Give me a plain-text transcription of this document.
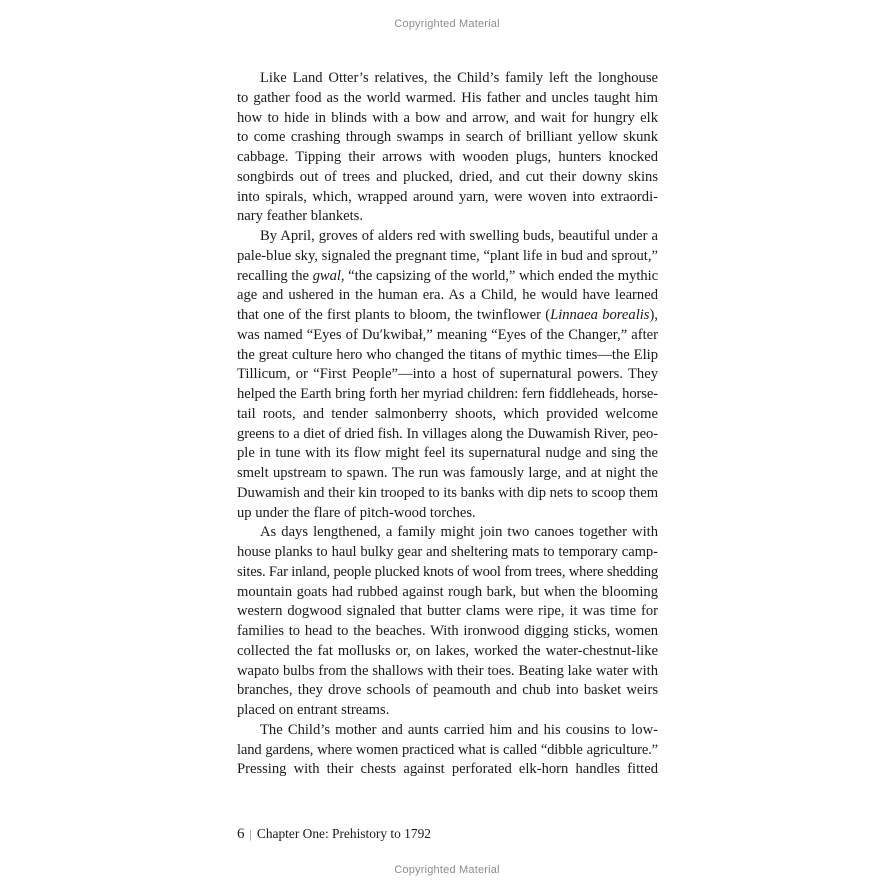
Copyrighted Material
Like Land Otter’s relatives, the Child’s family left the longhouse
to gather food as the world warmed. His father and uncles taught him
how to hide in blinds with a bow and arrow, and wait for hungry elk
to come crashing through swamps in search of brilliant yellow skunk
cabbage. Tipping their arrows with wooden plugs, hunters knocked
songbirds out of trees and plucked, dried, and cut their downy skins
into spirals, which, wrapped around yarn, were woven into extraordi-
nary feather blankets.
By April, groves of alders red with swelling buds, beautiful under a
pale-blue sky, signaled the pregnant time, “plant life in bud and sprout,”
recalling the gwal, “the capsizing of the world,” which ended the mythic
age and ushered in the human era. As a Child, he would have learned
that one of the first plants to bloom, the twinflower (Linnaea borealis),
was named “Eyes of Du′kwibał,” meaning “Eyes of the Changer,” after
the great culture hero who changed the titans of mythic times—the Elip
Tillicum, or “First People”—into a host of supernatural powers. They
helped the Earth bring forth her myriad children: fern fiddleheads, horse-
tail roots, and tender salmonberry shoots, which provided welcome
greens to a diet of dried fish. In villages along the Duwamish River, peo-
ple in tune with its flow might feel its supernatural nudge and sing the
smelt upstream to spawn. The run was famously large, and at night the
Duwamish and their kin trooped to its banks with dip nets to scoop them
up under the flare of pitch-wood torches.
As days lengthened, a family might join two canoes together with
house planks to haul bulky gear and sheltering mats to temporary camp-
sites. Far inland, people plucked knots of wool from trees, where shedding
mountain goats had rubbed against rough bark, but when the blooming
western dogwood signaled that butter clams were ripe, it was time for
families to head to the beaches. With ironwood digging sticks, women
collected the fat mollusks or, on lakes, worked the water-chestnut-like
wapato bulbs from the shallows with their toes. Beating lake water with
branches, they drove schools of peamouth and chub into basket weirs
placed on entrant streams.
The Child’s mother and aunts carried him and his cousins to low-
land gardens, where women practiced what is called “dibble agriculture.”
Pressing with their chests against perforated elk-horn handles fitted
6 | Chapter One: Prehistory to 1792
Copyrighted Material
